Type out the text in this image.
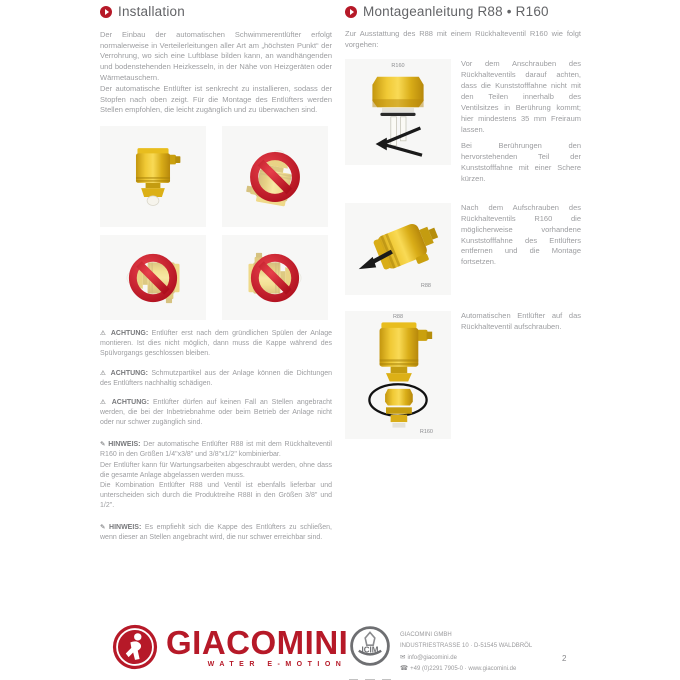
Installation

Der Einbau der automatischen Schwimmerentlüfter erfolgt normalerweise in Verteilerleitungen aller Art am „höchsten Punkt“ der Verrohrung, wo sich eine Luftblase bilden kann, an wandhängenden und bodenstehenden Heizkesseln, in der Nähe von Heizgeräten oder Wärmetauschern.

Der automatische Entlüfter ist senkrecht zu installieren, sodass der Stopfen nach oben zeigt. Für die Montage des Entlüfters werden Stellen empfohlen, die leicht zugänglich und zu überwachen sind.

⚠ ACHTUNG: Entlüfter erst nach dem gründlichen Spülen der Anlage montieren. Ist dies nicht möglich, dann muss die Kappe während des Spülvorgangs geschlossen bleiben.

⚠ ACHTUNG: Schmutzpartikel aus der Anlage können die Dichtungen des Entlüfters nachhaltig schädigen.

⚠ ACHTUNG: Entlüfter dürfen auf keinen Fall an Stellen angebracht werden, die bei der Inbetriebnahme oder beim Betrieb der Anlage nicht oder nur schwer zugänglich sind.

✎ HINWEIS: Der automatische Entlüfter R88 ist mit dem Rückhalteventil R160 in den Größen 1/4"x3/8" und 3/8"x1/2" kombinierbar.
Der Entlüfter kann für Wartungsarbeiten abgeschraubt werden, ohne dass die gesamte Anlage abgelassen werden muss.
Die Kombination Entlüfter R88 und Ventil ist ebenfalls lieferbar und unterscheiden sich durch die Produktreihe R88I in den Größen 3/8" und 1/2".

✎ HINWEIS: Es empfiehlt sich die Kappe des Entlüfters zu schließen, wenn dieser an Stellen angebracht wird, die nur schwer erreichbar sind.

Montageanleitung R88 • R160

Zur Ausstattung des R88 mit einem Rückhalteventil R160 wie folgt vorgehen:

R160	Vor dem Anschrauben des Rückhalteventils darauf achten, dass die Kunststofffahne nicht mit den Teilen innerhalb des Ventilsitzes in Berührung kommt; hier mindestens 35 mm Freiraum lassen.

Bei Berührungen den hervorstehenden Teil der Kunststofffahne mit einer Schere kürzen.

R88

Nach dem Aufschrauben des Rückhalteventils R160 die möglicherweise vorhandene Kunststofffahne des Entlüfters entfernen und die Montage fortsetzen.

R88
R160

Automatischen Entlüfter auf das Rückhalteventil aufschrauben.

GIACOMINI
WATER E-MOTION
ICIM
GIACOMINI GMBH
INDUSTRIESTRASSE 10 · D-51545 WALDBRÖL
✉ info@giacomini.de
☎ +49 (0)2291 7905-0 · www.giacomini.de
2
